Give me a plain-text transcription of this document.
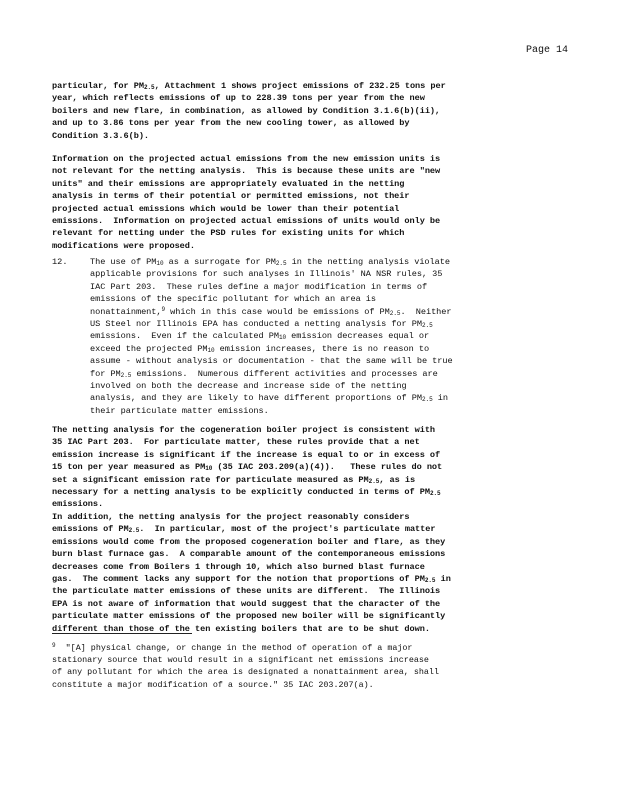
Page 14
particular, for $PM_{2.5}$, Attachment 1 shows project emissions of 232.25 tons per
year, which reflects emissions of up to 228.39 tons per year from the new
boilers and new flare, in combination, as allowed by Condition 3.1.6(b)(ii),
and up to 3.86 tons per year from the new cooling tower, as allowed by
Condition 3.3.6(b).
Information on the projected actual emissions from the new emission units is
not relevant for the netting analysis.  This is because these units are "new
units" and their emissions are appropriately evaluated in the netting
analysis in terms of their potential or permitted emissions, not their
projected actual emissions which would be lower than their potential
emissions.  Information on projected actual emissions of units would only be
relevant for netting under the PSD rules for existing units for which
modifications were proposed.
12.	The use of $PM_{10}$ as a surrogate for $PM_{2.5}$ in the netting analysis violate
applicable provisions for such analyses in Illinois' NA NSR rules, 35
IAC Part 203.  These rules define a major modification in terms of
emissions of the specific pollutant for which an area is
nonattainment,$^9$ which in this case would be emissions of $PM_{2.5}$.  Neither
US Steel nor Illinois EPA has conducted a netting analysis for $PM_{2.5}$
emissions.  Even if the calculated $PM_{10}$ emission decreases equal or
exceed the projected $PM_{10}$ emission increases, there is no reason to
assume - without analysis or documentation - that the same will be true
for $PM_{2.5}$ emissions.  Numerous different activities and processes are
involved on both the decrease and increase side of the netting
analysis, and they are likely to have different proportions of $PM_{2.5}$ in
their particulate matter emissions.
The netting analysis for the cogeneration boiler project is consistent with
35 IAC Part 203.  For particulate matter, these rules provide that a net
emission increase is significant if the increase is equal to or in excess of
15 ton per year measured as $PM_{10}$ (35 IAC 203.209(a)(4)).   These rules do not
set a significant emission rate for particulate measured as $PM_{2.5}$, as is
necessary for a netting analysis to be explicitly conducted in terms of $PM_{2.5}$
emissions.
In addition, the netting analysis for the project reasonably considers
emissions of $PM_{2.5}$.  In particular, most of the project's particulate matter
emissions would come from the proposed cogeneration boiler and flare, as they
burn blast furnace gas.  A comparable amount of the contemporaneous emissions
decreases come from Boilers 1 through 10, which also burned blast furnace
gas.  The comment lacks any support for the notion that proportions of $PM_{2.5}$ in
the particulate matter emissions of these units are different.  The Illinois
EPA is not aware of information that would suggest that the character of the
particulate matter emissions of the proposed new boiler will be significantly
different than those of the ten existing boilers that are to be shut down.
$^9$  "[A] physical change, or change in the method of operation of a major
stationary source that would result in a significant net emissions increase
of any pollutant for which the area is designated a nonattainment area, shall
constitute a major modification of a source." 35 IAC 203.207(a).
